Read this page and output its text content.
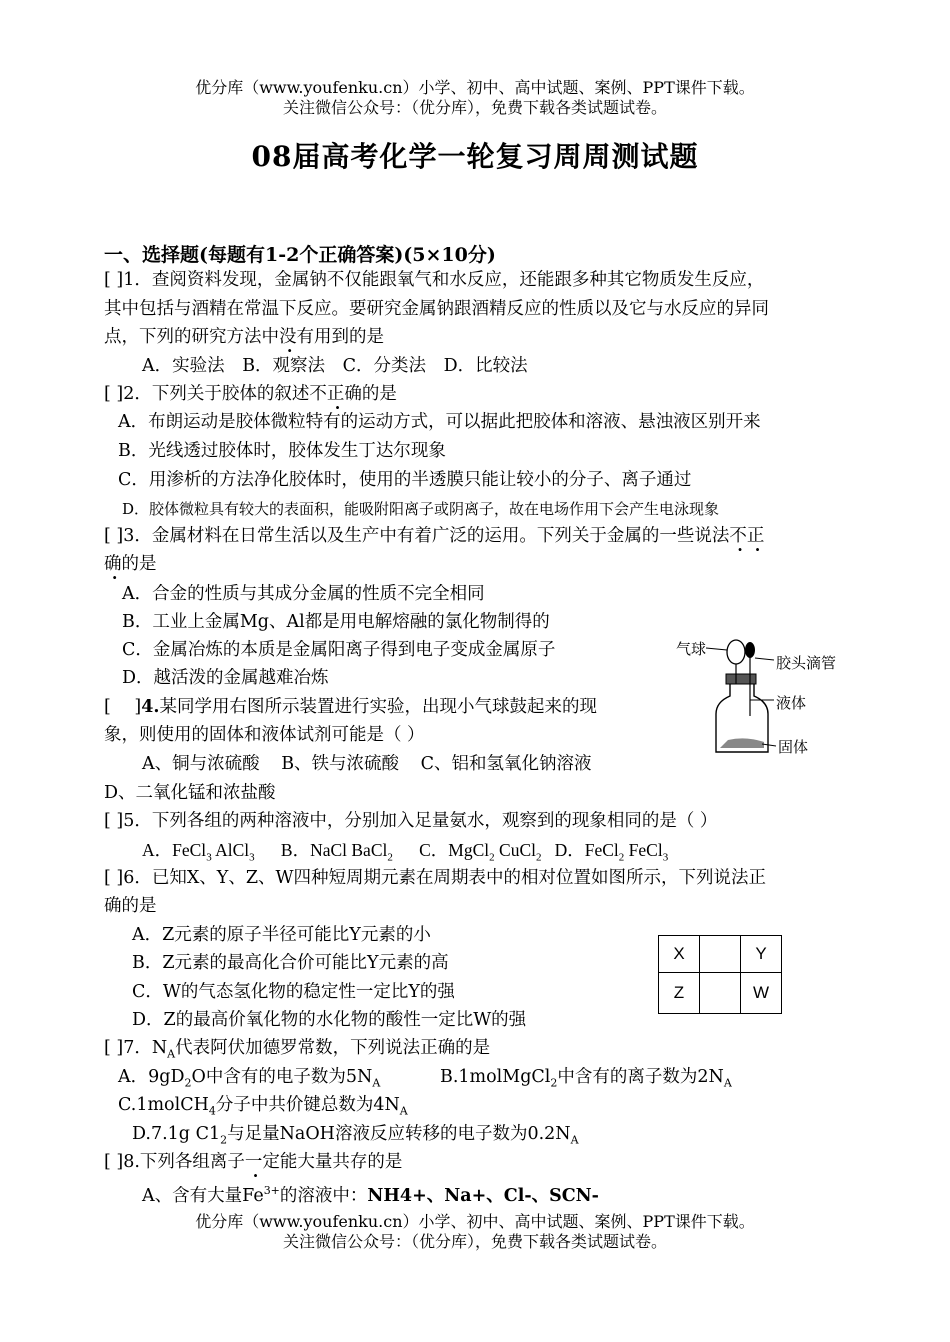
优分库（www.youfenku.cn）小学、初中、高中试题、案例、PPT课件下载。
关注微信公众号：（优分库），免费下载各类试题试卷。
08届高考化学一轮复习周周测试题
一、选择题(每题有1-2个正确答案)(5×10分)
[ ]1．查阅资料发现，金属钠不仅能跟氧气和水反应，还能跟多种其它物质发生反应，
其中包括与酒精在常温下反应。要研究金属钠跟酒精反应的性质以及它与水反应的异同
点，下列的研究方法中没有用到的是
A．实验法 B．观察法 C．分类法 D．比较法
[ ]2．下列关于胶体的叙述不正确的是
A．布朗运动是胶体微粒特有的运动方式，可以据此把胶体和溶液、悬浊液区别开来
B．光线透过胶体时，胶体发生丁达尔现象
C．用渗析的方法净化胶体时，使用的半透膜只能让较小的分子、离子通过
D．胶体微粒具有较大的表面积，能吸附阳离子或阴离子，故在电场作用下会产生电泳现象
[ ]3．金属材料在日常生活以及生产中有着广泛的运用。下列关于金属的一些说法不正
确的是
A．合金的性质与其成分金属的性质不完全相同
B．工业上金属Mg、Al都是用电解熔融的氯化物制得的
C．金属冶炼的本质是金属阳离子得到电子变成金属原子
D．越活泼的金属越难冶炼
气球
胶头滴管
液体
固体
[ ]4.某同学用右图所示装置进行实验，出现小气球鼓起来的现
象，则使用的固体和液体试剂可能是（ ）
A、铜与浓硫酸 B、铁与浓硫酸 C、铝和氢氧化钠溶液
D、二氧化锰和浓盐酸
[ ]5．下列各组的两种溶液中，分别加入足量氨水，观察到的现象相同的是（ ）
A．FeCl$_3$ AlCl$_3$ B．NaCl BaCl$_2$ C．MgCl$_2$ CuCl$_2$ D．FeCl$_2$ FeCl$_3$
[ ]6．已知X、Y、Z、W四种短周期元素在周期表中的相对位置如图所示，下列说法正
确的是
A．Z元素的原子半径可能比Y元素的小
B．Z元素的最高化合价可能比Y元素的高
C．W的气态氢化物的稳定性一定比Y的强
D．Z的最高价氧化物的水化物的酸性一定比W的强
X		Y
Z		W
[ ]7．$N_A$代表阿伏加德罗常数，下列说法正确的是
A．$9gD_2O$中含有的电子数为$5N_A$	B.1molMgCl$_2$中含有的离子数为$2N_A$
C.1molCH$_4$分子中共价键总数为$4N_A$
D.7.1g $C1_2$与足量NaOH溶液反应转移的电子数为$0.2N_A$
[ ]8.下列各组离子一定能大量共存的是
A、含有大量$Fe^{3+}$的溶液中：NH4+、Na+、Cl-、SCN-
优分库（www.youfenku.cn）小学、初中、高中试题、案例、PPT课件下载。
关注微信公众号：（优分库），免费下载各类试题试卷。
